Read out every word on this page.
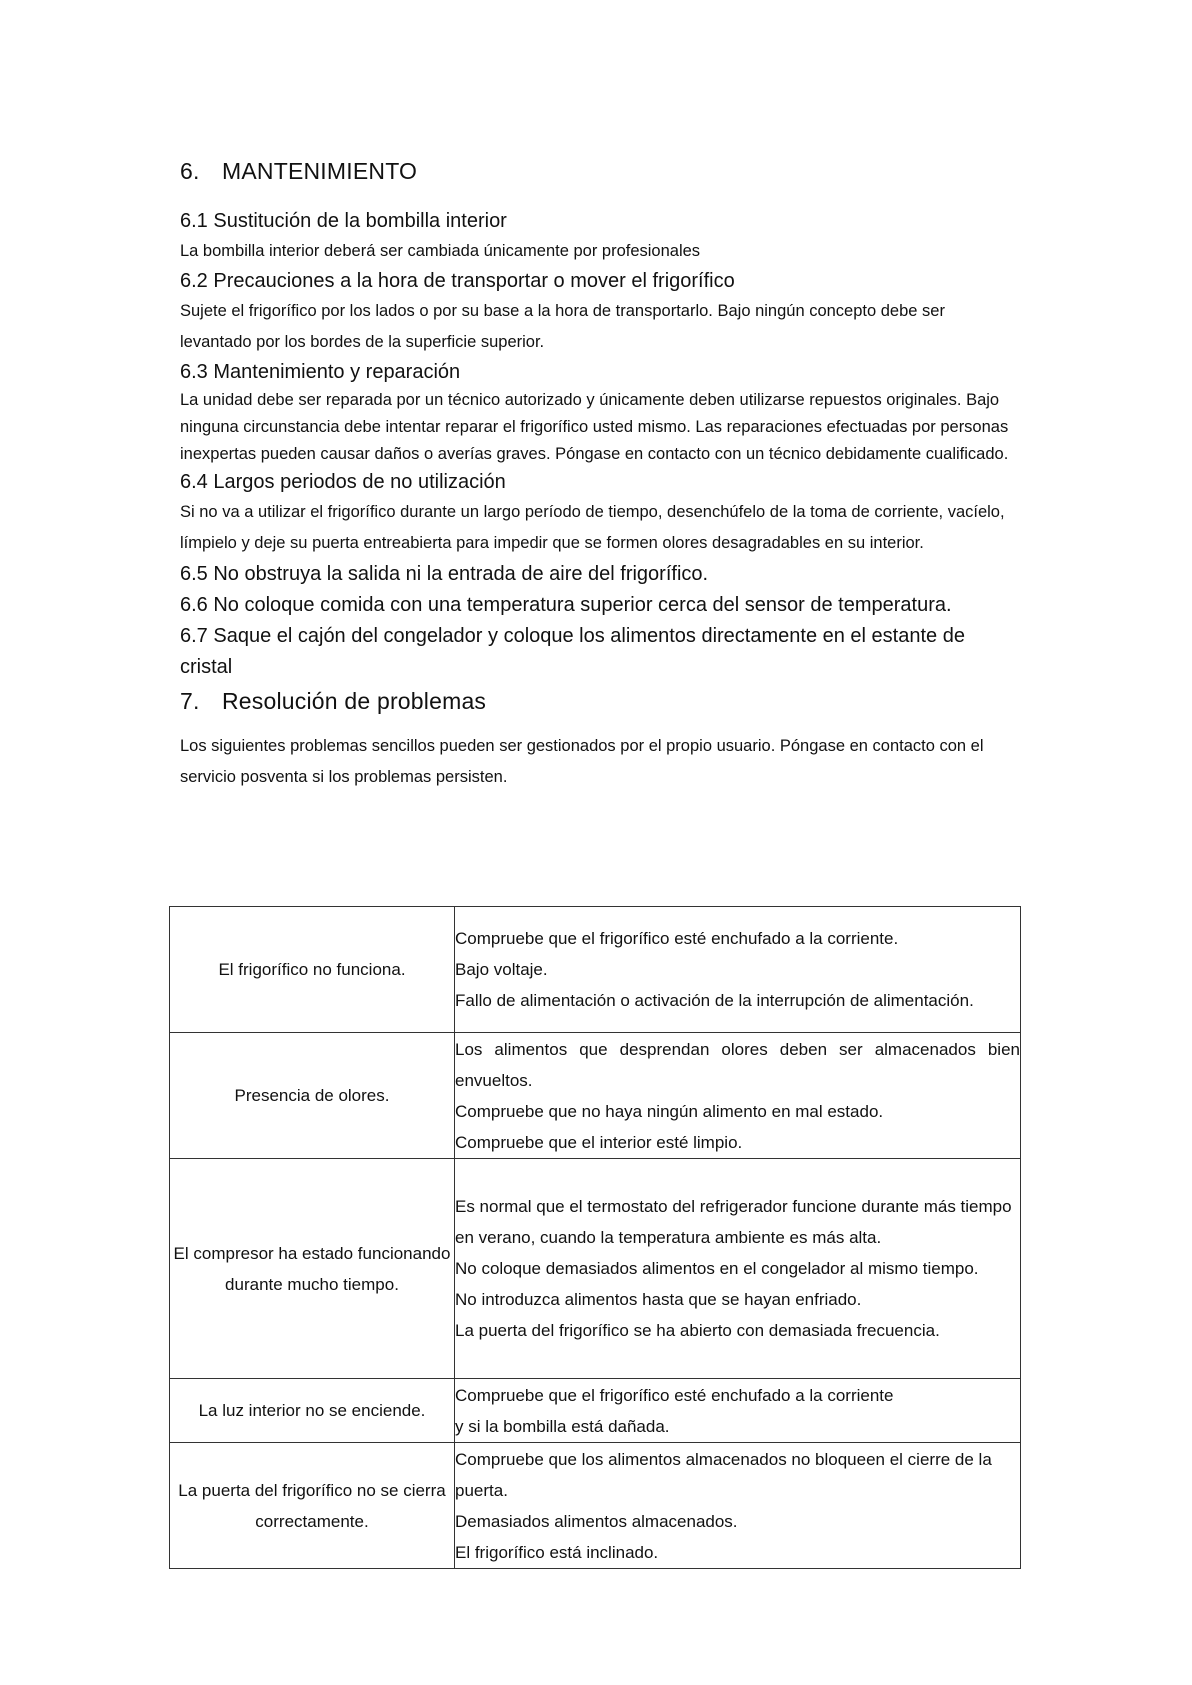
6. MANTENIMIENTO
6.1 Sustitución de la bombilla interior
La bombilla interior deberá ser cambiada únicamente por profesionales
6.2 Precauciones a la hora de transportar o mover el frigorífico
Sujete el frigorífico por los lados o por su base a la hora de transportarlo. Bajo ningún concepto debe ser levantado por los bordes de la superficie superior.
6.3 Mantenimiento y reparación
La unidad debe ser reparada por un técnico autorizado y únicamente deben utilizarse repuestos originales. Bajo ninguna circunstancia debe intentar reparar el frigorífico usted mismo. Las reparaciones efectuadas por personas inexpertas pueden causar daños o averías graves. Póngase en contacto con un técnico debidamente cualificado.
6.4 Largos periodos de no utilización
Si no va a utilizar el frigorífico durante un largo período de tiempo, desenchúfelo de la toma de corriente, vacíelo, límpielo y deje su puerta entreabierta para impedir que se formen olores desagradables en su interior.
6.5 No obstruya la salida ni la entrada de aire del frigorífico.
6.6 No coloque comida con una temperatura superior cerca del sensor de temperatura.
6.7 Saque el cajón del congelador y coloque los alimentos directamente en el estante de cristal
7. Resolución de problemas
Los siguientes problemas sencillos pueden ser gestionados por el propio usuario. Póngase en contacto con el servicio posventa si los problemas persisten.
El frigorífico no funciona.	Compruebe que el frigorífico esté enchufado a la corriente.
Bajo voltaje.
Fallo de alimentación o activación de la interrupción de alimentación.

Presencia de olores.	Los alimentos que desprendan olores deben ser almacenados bien envueltos.
Compruebe que no haya ningún alimento en mal estado.
Compruebe que el interior esté limpio.

El compresor ha estado funcionando durante mucho tiempo.	Es normal que el termostato del refrigerador funcione durante más tiempo en verano, cuando la temperatura ambiente es más alta.
No coloque demasiados alimentos en el congelador al mismo tiempo.
No introduzca alimentos hasta que se hayan enfriado.
La puerta del frigorífico se ha abierto con demasiada frecuencia.

La luz interior no se enciende.	Compruebe que el frigorífico esté enchufado a la corriente
y si la bombilla está dañada.

La puerta del frigorífico no se cierra correctamente.	Compruebe que los alimentos almacenados no bloqueen el cierre de la puerta.
Demasiados alimentos almacenados.
El frigorífico está inclinado.
